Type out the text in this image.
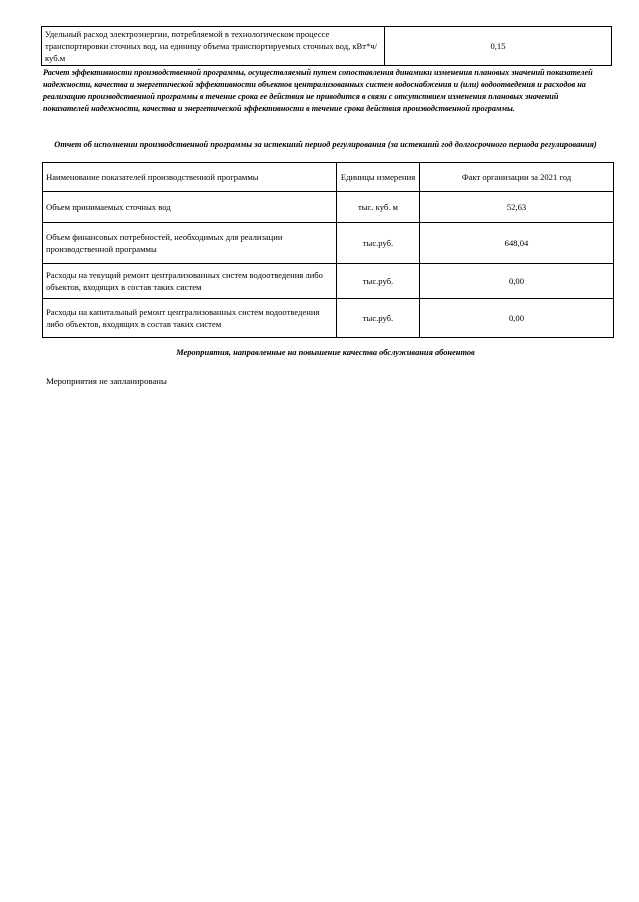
Удельный расход электроэнергии, потребляемой в технологическом процессе транспортировки сточных вод, на единицу объема транспортируемых сточных вод, кВт*ч/ куб.м	0,15
Расчет эффективности производственной программы, осуществляемый путем сопоставления динамики изменения плановых значений показателей надежности, качества и энергетической эффективности объектов централизованных систем водоснабжения и (или) водоотведения и расходов на реализацию производственной программы в течение срока ее действия не приводится в связи с отсутствием изменения плановых значений показателей надежности, качества и энергетической эффективности в течение срока действия производственной программы.
Отчет об исполнении производственной программы за истекший период регулирования (за истекший год долгосрочного периода регулирования)
Наименование показателей производственной программы	Единицы измерения	Факт организации за 2021 год
Объем принимаемых сточных вод	тыс. куб. м	52,63
Объем финансовых потребностей, необходимых для реализации производственной программы	тыс.руб.	648,04
Расходы на текущий ремонт централизованных систем водоотведения либо объектов, входящих в состав таких систем	тыс.руб.	0,00
Расходы на капитальный ремонт централизованных систем водоотведения либо объектов, входящих в состав таких систем	тыс.руб.	0,00
Мероприятия, направленные на повышение качества обслуживания абонентов
Мероприятия не запланированы
